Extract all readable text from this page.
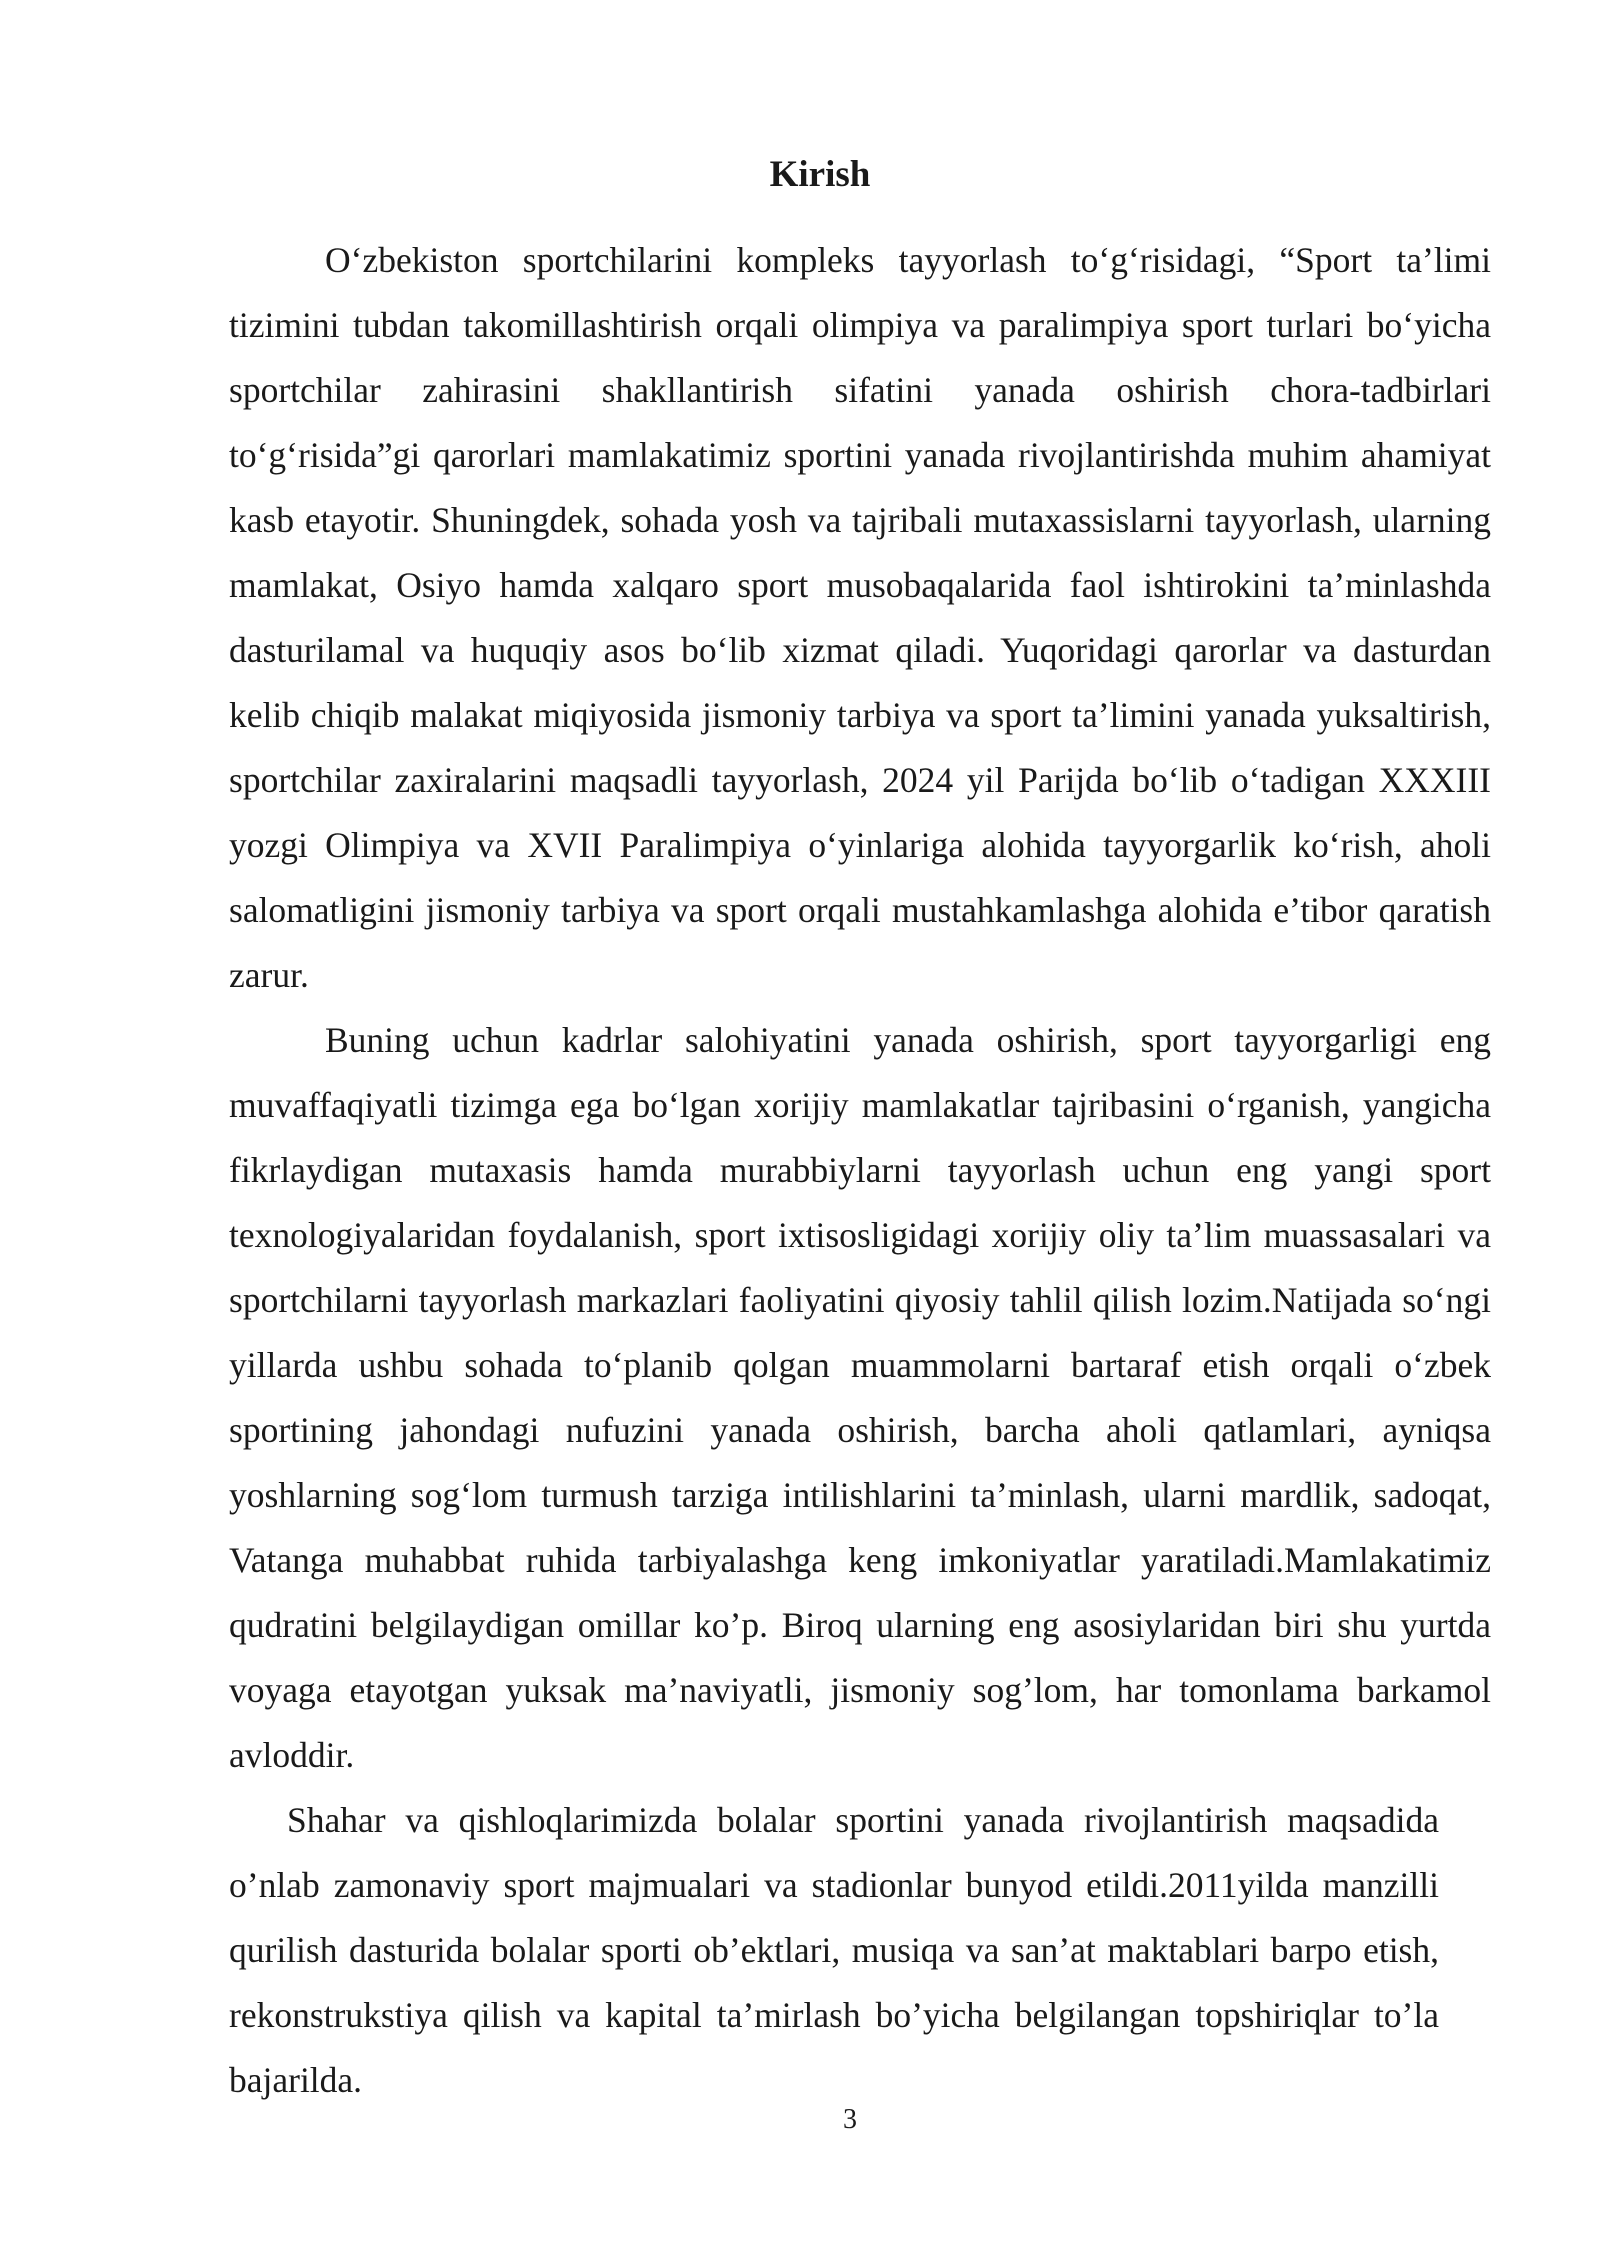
Kirish

O‘zbekiston sportchilarini kompleks tayyorlash to‘g‘risidagi, “Sport ta’limi tizimini tubdan takomillashtirish orqali olimpiya va paralimpiya sport turlari bo‘yicha sportchilar zahirasini shakllantirish sifatini yanada oshirish chora-tadbirlari to‘g‘risida”gi qarorlari mamlakatimiz sportini yanada rivojlantirishda muhim ahamiyat kasb etayotir. Shuningdek, sohada yosh va tajribali mutaxassislarni tayyorlash, ularning mamlakat, Osiyo hamda xalqaro sport musobaqalarida faol ishtirokini ta’minlashda dasturilamal va huquqiy asos bo‘lib xizmat qiladi. Yuqoridagi qarorlar va dasturdan kelib chiqib malakat miqiyosida jismoniy tarbiya va sport ta’limini yanada yuksaltirish, sportchilar zaxiralarini maqsadli tayyorlash, 2024 yil Parijda bo‘lib o‘tadigan XXXIII yozgi Olimpiya va XVII Paralimpiya o‘yinlariga alohida tayyorgarlik ko‘rish, aholi salomatligini jismoniy tarbiya va sport orqali mustahkamlashga alohida e’tibor qaratish zarur.

Buning uchun kadrlar salohiyatini yanada oshirish, sport tayyorgarligi eng muvaffaqiyatli tizimga ega bo‘lgan xorijiy mamlakatlar tajribasini o‘rganish, yangicha fikrlaydigan mutaxasis hamda murabbiylarni tayyorlash uchun eng yangi sport texnologiyalaridan foydalanish, sport ixtisosligidagi xorijiy oliy ta’lim muassasalari va sportchilarni tayyorlash markazlari faoliyatini qiyosiy tahlil qilish lozim.Natijada so‘ngi yillarda ushbu sohada to‘planib qolgan muammolarni bartaraf etish orqali o‘zbek sportining jahondagi nufuzini yanada oshirish, barcha aholi qatlamlari, ayniqsa yoshlarning sog‘lom turmush tarziga intilishlarini ta’minlash, ularni mardlik, sadoqat, Vatanga muhabbat ruhida tarbiyalashga keng imkoniyatlar yaratiladi.Mamlakatimiz qudratini belgilaydigan omillar ko’p. Biroq ularning eng asosiylaridan biri shu yurtda voyaga etayotgan yuksak ma’naviyatli, jismoniy sog’lom, har tomonlama barkamol avloddir.

Shahar va qishloqlarimizda bolalar sportini yanada rivojlantirish maqsadida o’nlab zamonaviy sport majmualari va stadionlar bunyod etildi.2011yilda manzilli qurilish dasturida bolalar sporti ob’ektlari, musiqa va san’at maktablari barpo etish, rekonstrukstiya qilish va kapital ta’mirlash bo’yicha belgilangan topshiriqlar to’la bajarilda.

3
